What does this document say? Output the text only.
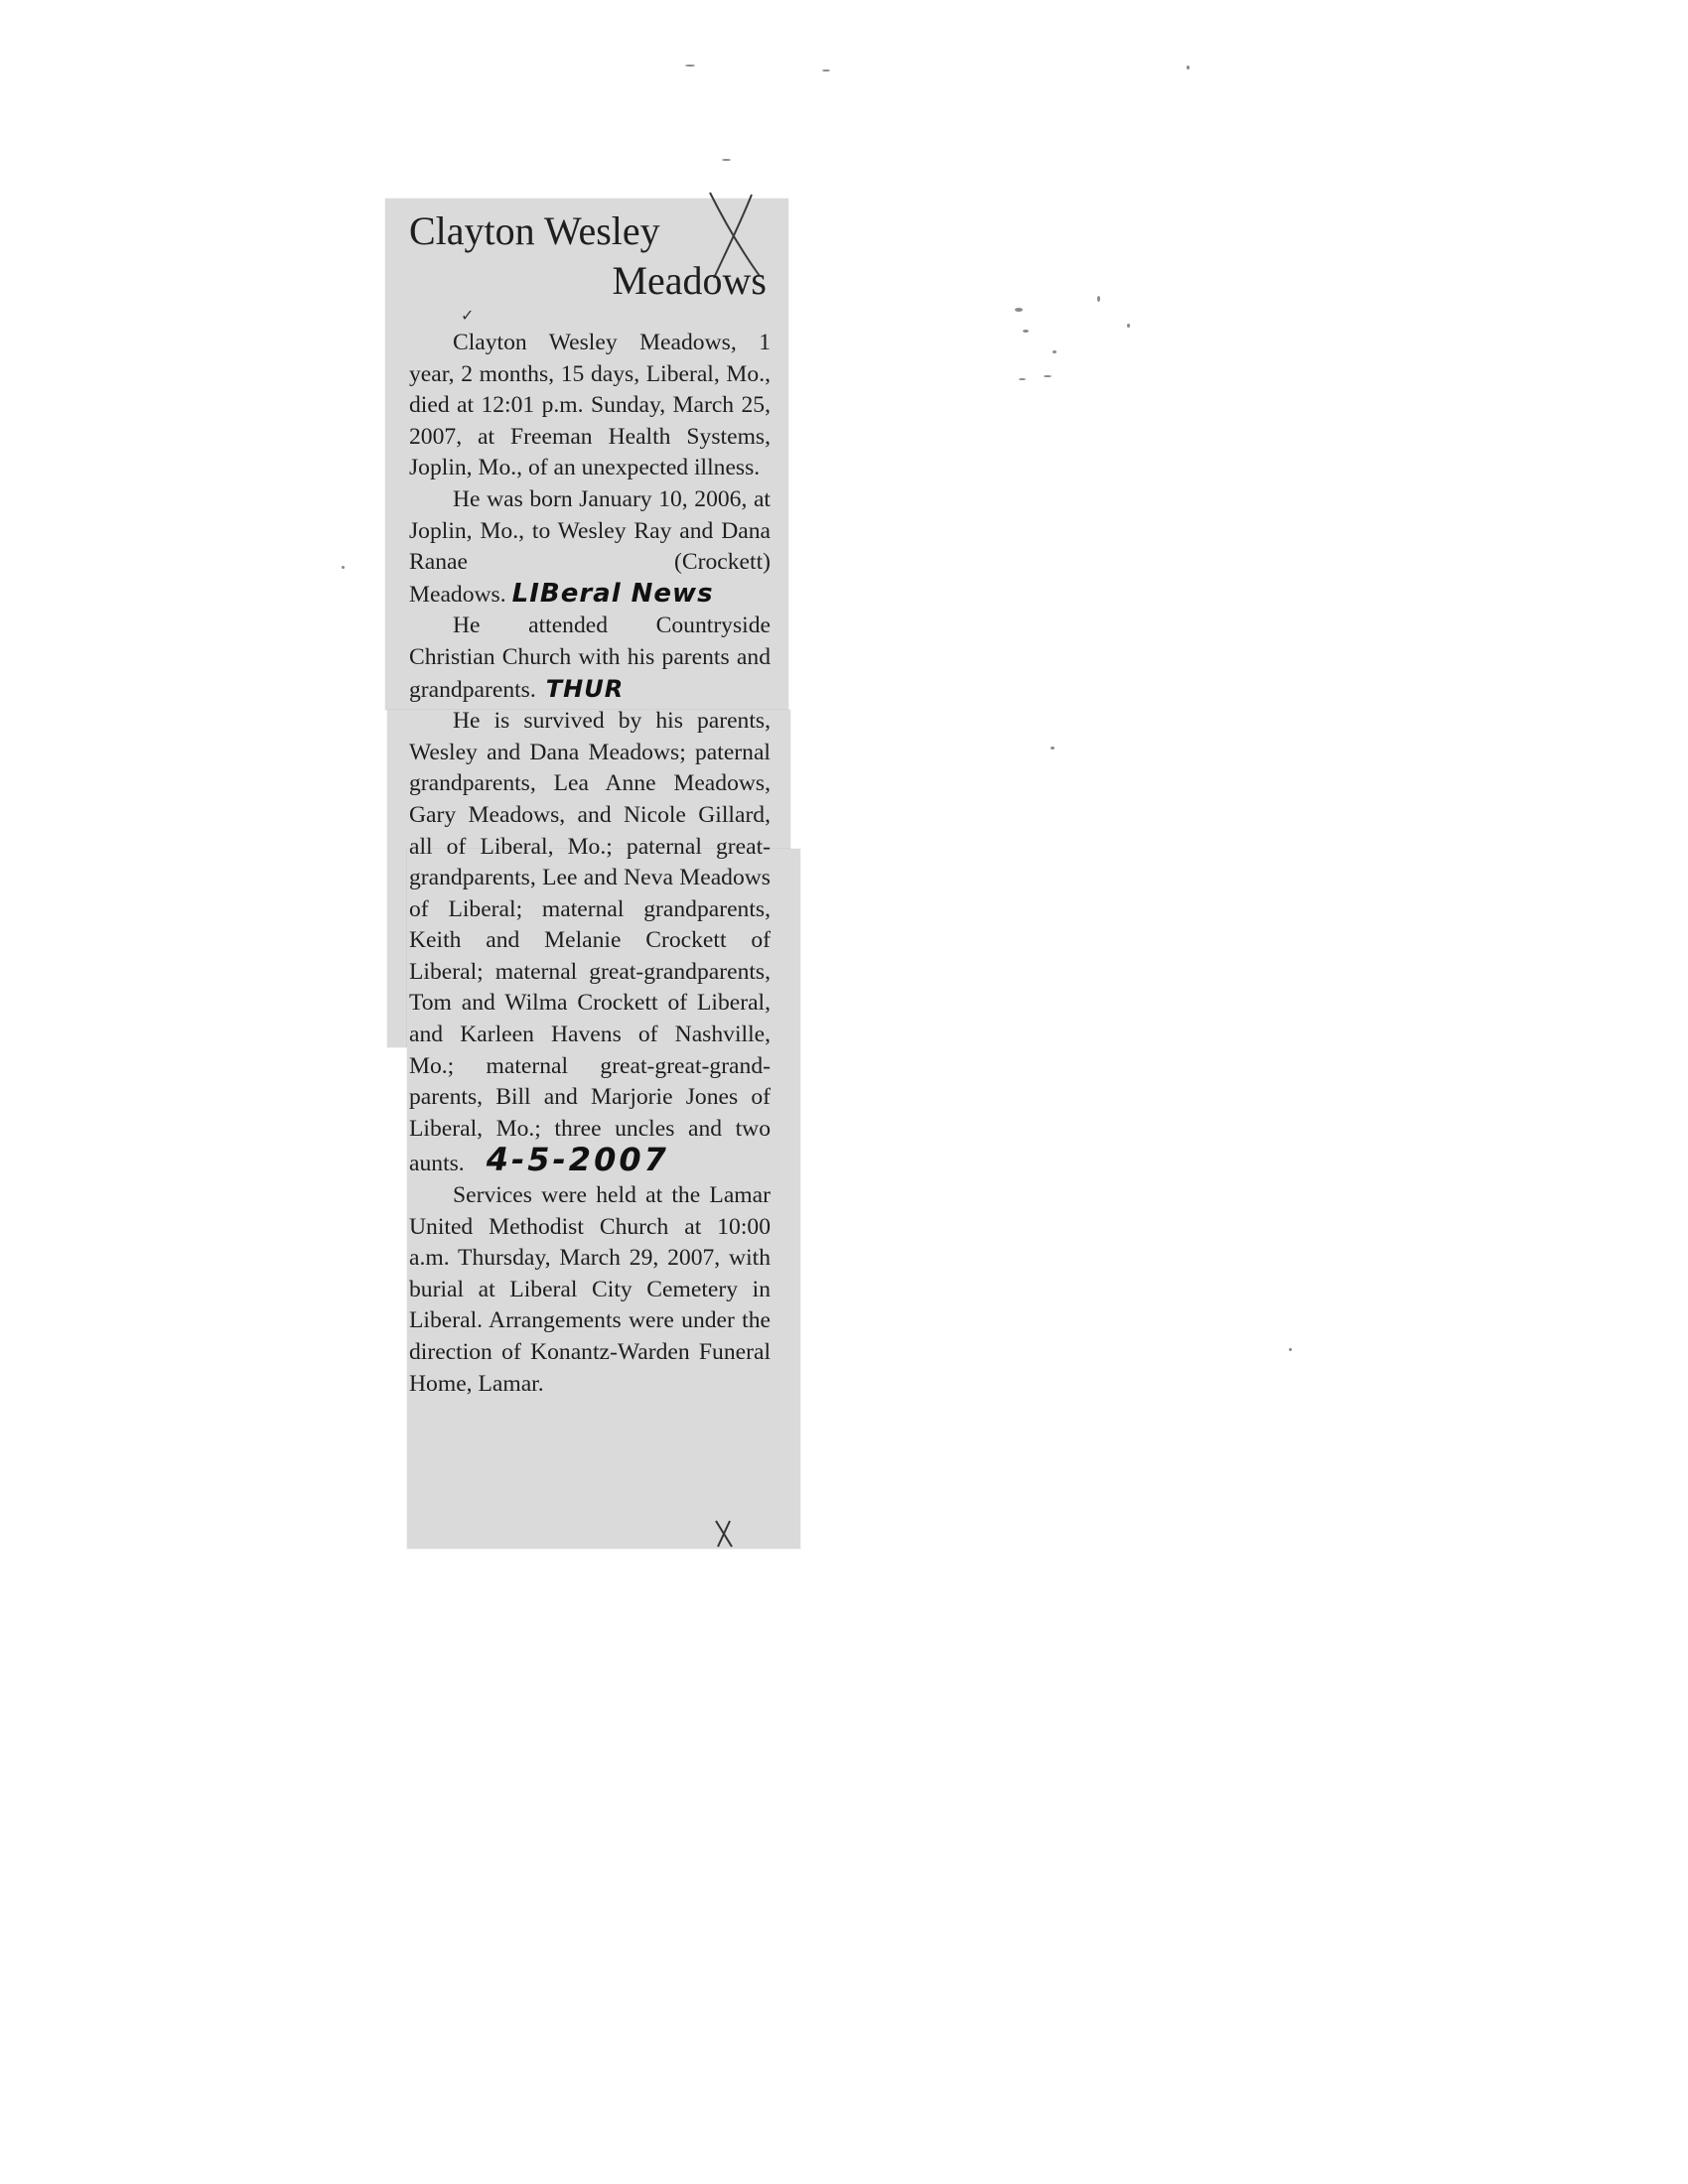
Clayton Wesley
Meadows
✓

Clayton Wesley Meadows, 1 year, 2 months, 15 days, Liberal, Mo., died at 12:01 p.m. Sunday, March 25, 2007, at Freeman Health Systems, Joplin, Mo., of an unexpected illness.

He was born January 10, 2006, at Joplin, Mo., to Wesley Ray and Dana Ranae (Crockett) Meadows. LIBeral News

He attended Countryside Christian Church with his parents and grandparents. THUR

He is survived by his parents, Wesley and Dana Meadows; paternal grandparents, Lea Anne Meadows, Gary Meadows, and Nicole Gillard, all of Liberal, Mo.; paternal great-grandparents, Lee and Neva Meadows of Liberal; maternal grandparents, Keith and Melanie Crockett of Liberal; maternal great-grandparents, Tom and Wilma Crockett of Liberal, and Karleen Havens of Nashville, Mo.; maternal great-great-grandparents, Bill and Marjorie Jones of Liberal, Mo.; three uncles and two aunts. 4-5-2007

Services were held at the Lamar United Methodist Church at 10:00 a.m. Thursday, March 29, 2007, with burial at Liberal City Cemetery in Liberal. Arrangements were under the direction of Konantz-Warden Funeral Home, Lamar.
